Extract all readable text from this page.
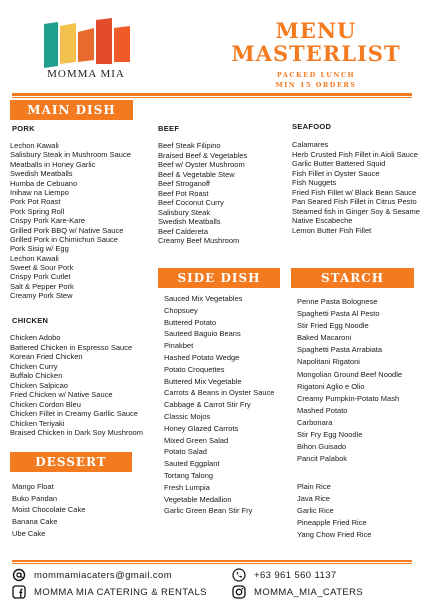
MOMMA MIA
MENU
MASTERLIST
PACKED LUNCH
MIN 15 ORDERS
MAIN DISH
PORK
Lechon Kawali
Salisbury Steak in Mushroom Sauce
Meatballs in Honey Garlic
Swedish Meatballs
Humba de Cebuano
Inihaw na Liempo
Pork Pot Roast
Pork Spring Roll
Crispy Pork Kare-Kare
Grilled Pork BBQ w/ Native Sauce
Grilled Pork in Chimichuri Sauce
Pork Sisig w/ Egg
Lechon Kawali
Sweet & Sour Pork
Crispy Pork Cutlet
Salt & Pepper Pork
Creamy Pork Stew
CHICKEN
Chicken Adobo
Battered Chicken in Espresso Sauce
Korean Fried Chicken
Chicken Curry
Buffalo Chicken
Chicken Salpicao
Fried Chicken w/ Native Sauce
Chicken Cordon Bleu
Chicken Fillet in Creamy Garllic Sauce
Chicken Teriyaki
Braised Chicken in Dark Soy Mushroom
BEEF
Beef Steak Filipino
Braised Beef & Vegetables
Beef w/ Oyster Mushroom
Beef & Vegetable Stew
Beef Stroganoff
Beef Pot Roast
Beef Coconut Curry
Salisbury Steak
Swedish Meatballs
Beef Caldereta
Creamy Beef Mushroom
SEAFOOD
Calamares
Herb Crusted Fish Fillet in Aioli Sauce
Garlic Butter Battered Squid
Fish Fillet in Oyster Sauce
Fish Nuggets
Fried Fish Fillet w/ Black Bean Sauce
Pan Seared Fish Fillet in Citrus Pesto
Steamed fish in Ginger Soy & Sesame
Native Escabeche
Lemon Butter Fish Fillet
SIDE DISH
Sauced Mix Vegetables
Chopsuey
Buttered Potato
Sauteed Baguio Beans
Pinakbet
Hashed Potato Wedge
Potato Croquettes
Buttered Mix Vegetable
Carrots & Beans in Oyster Sauce
Cabbage & Carrot Stir Fry
Classic Mojos
Honey Glazed Carrots
Mixed Green Salad
Potato Salad
Sauted Eggplant
Tortang Talong
Fresh Lumpia
Vegetable Medallion
Garlic Green Bean Stir Fry
STARCH
Penne Pasta Bolognese
Spaghetti Pasta Al Pesto
Stir Fried Egg Noodle
Baked Macaroni
Spaghetti Pasta Arrabiata
Napolitani Rigatoni
Mongolian Ground Beef Noodle
Rigatoni Aglio e Olio
Creamy Pumpkin-Potato Mash
Mashed Potato
Carbonara
Stir Fry Egg Noodle
Bihon Guisado
Pancit Palabok
Plain Rice
Java Rice
Garlic Rice
Pineapple Fried Rice
Yang Chow Fried Rice
DESSERT
Mango Float
Buko Pandan
Moist Chocolate Cake
Banana Cake
Ube Cake
mommamiacaters@gmail.com
MOMMA MIA CATERING & RENTALS
+63 961 560 1137
MOMMA_MIA_CATERS
